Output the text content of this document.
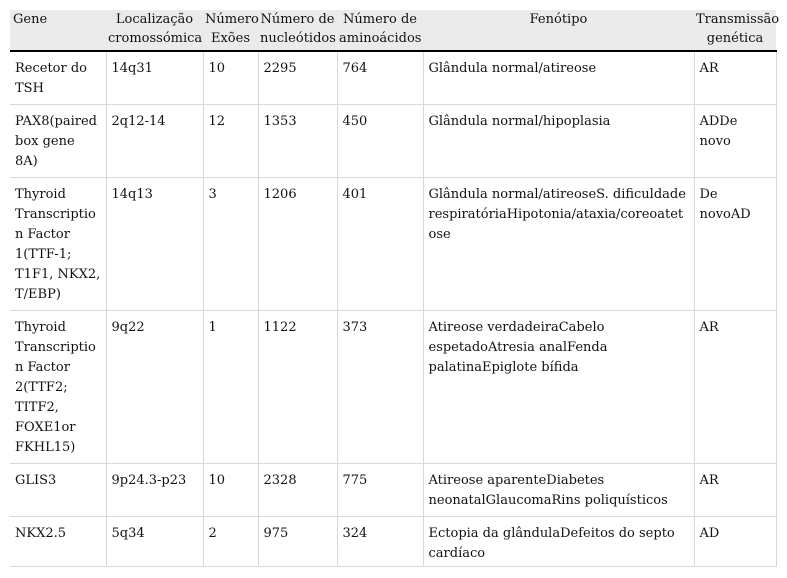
Gene	Localização cromossómica	Número Exões	Número de nucleótidos	Número de aminoácidos	Fenótipo	Transmissão genética
Recetor do TSH	14q31	10	2295	764	Glândula normal/atireose	AR
PAX8(paired box gene 8A)	2q12-14	12	1353	450	Glândula normal/hipoplasia	ADDe novo
Thyroid Transcription Factor 1(TTF-1; T1F1, NKX2, T/EBP)	14q13	3	1206	401	Glândula normal/atireoseS. dificuldade respiratóriaHipotonia/ataxia/coreoatetose	De novoAD
Thyroid Transcription Factor 2(TTF2; TITF2, FOXE1or FKHL15)	9q22	1	1122	373	Atireose verdadeiraCabelo espetadoAtresia analFenda palatinaEpiglote bífida	AR
GLIS3	9p24.3-p23	10	2328	775	Atireose aparenteDiabetes neonatalGlaucomaRins poliquísticos	AR
NKX2.5	5q34	2	975	324	Ectopia da glândulaDefeitos do septo cardíaco	AD
